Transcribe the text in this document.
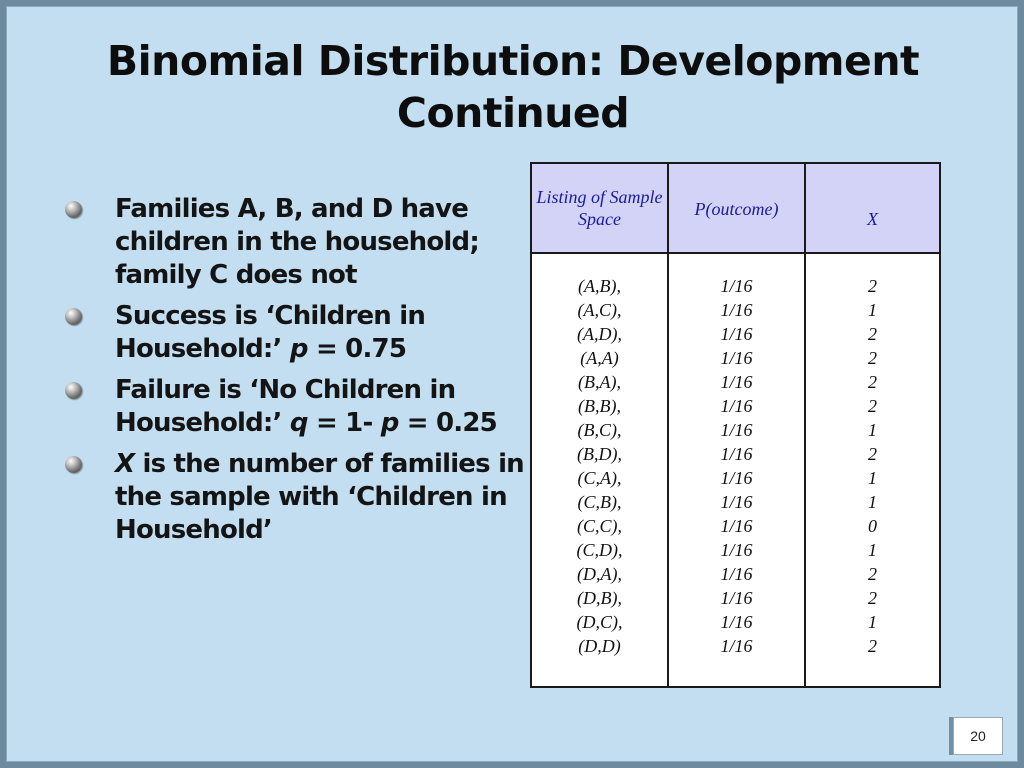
Binomial Distribution: Development
Continued
Families A, B, and D have children in the household; family C does not
Success is ‘Children in Household:’ p = 0.75
Failure is ‘No Children in Household:’ q = 1- p = 0.25
X is the number of families in the sample with ‘Children in Household’
Listing of Sample Space	P(outcome)	X
(A,B),
(A,C),
(A,D),
(A,A)
(B,A),
(B,B),
(B,C),
(B,D),
(C,A),
(C,B),
(C,C),
(C,D),
(D,A),
(D,B),
(D,C),
(D,D)
1/16
1/16
1/16
1/16
1/16
1/16
1/16
1/16
1/16
1/16
1/16
1/16
1/16
1/16
1/16
1/16
2
1
2
2
2
2
1
2
1
1
0
1
2
2
1
2
20
